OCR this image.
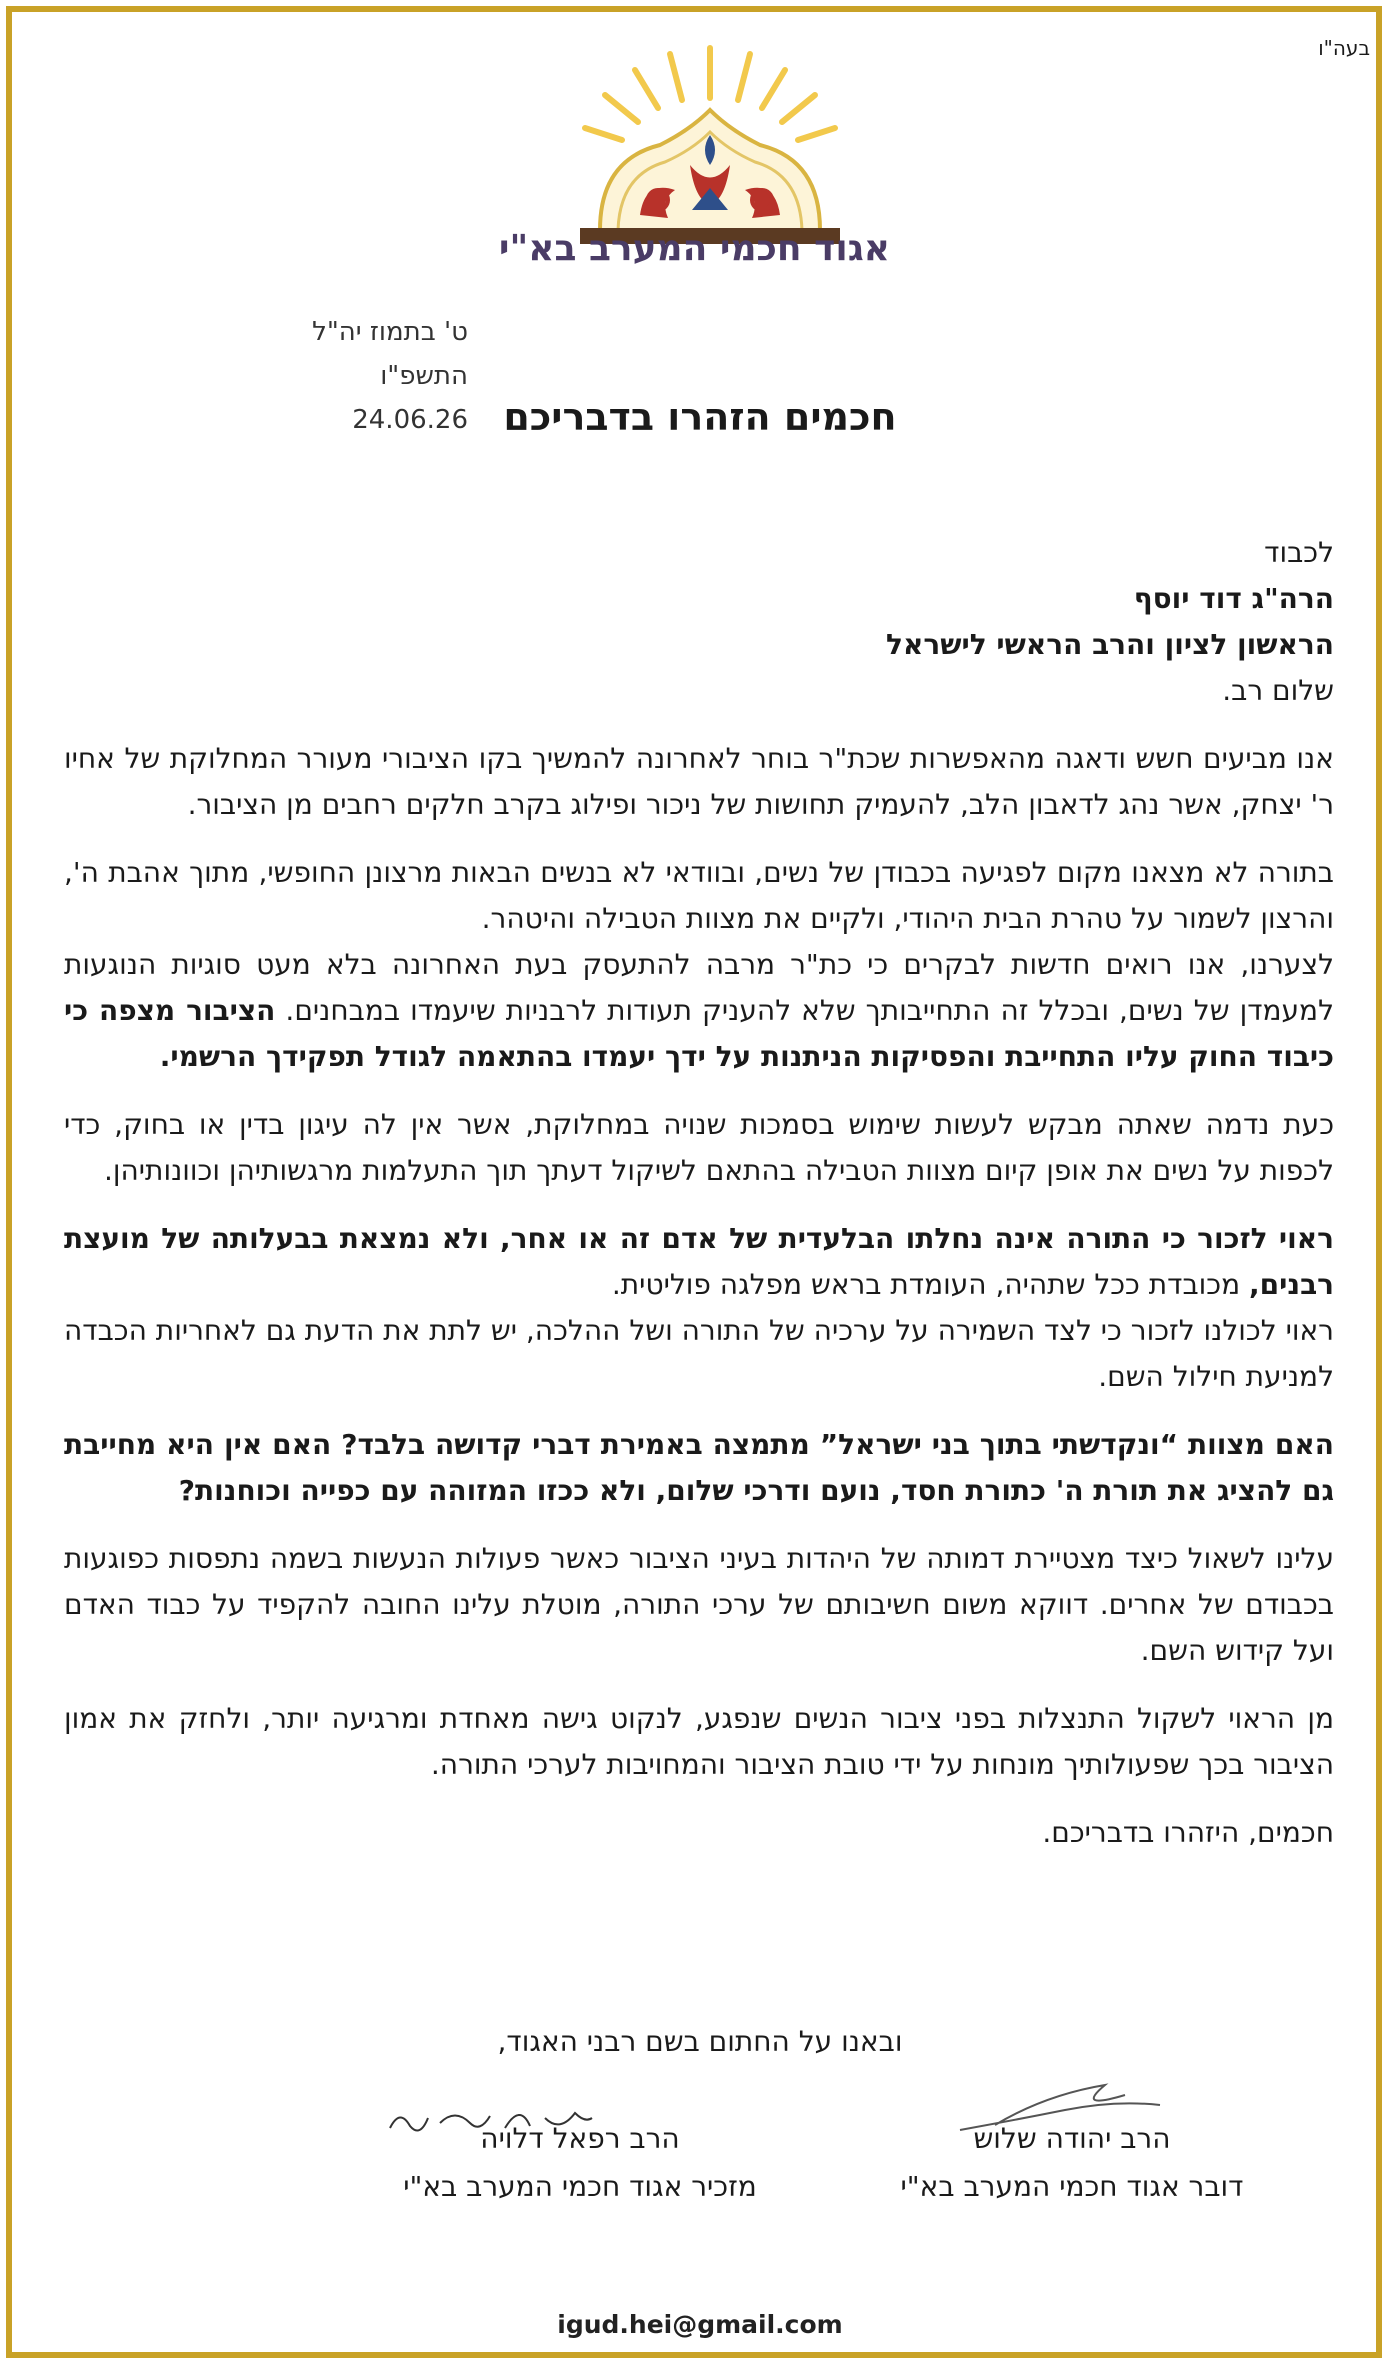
בעה"ו
אגוד חכמי המערב בא"י
ט' בתמוז יה"ל התשפ"ו
24.06.26 חכמים הזהרו בדבריכם

לכבוד
הרה"ג דוד יוסף
הראשון לציון והרב הראשי לישראל
שלום רב.

אנו מביעים חשש ודאגה מהאפשרות שכת"ר בוחר לאחרונה להמשיך בקו הציבורי מעורר המחלוקת של אחיו ר' יצחק, אשר נהג לדאבון הלב, להעמיק תחושות של ניכור ופילוג בקרב חלקים רחבים מן הציבור.

בתורה לא מצאנו מקום לפגיעה בכבודן של נשים, ובוודאי לא בנשים הבאות מרצונן החופשי, מתוך אהבת ה', והרצון לשמור על טהרת הבית היהודי, ולקיים את מצוות הטבילה והיטהר.
לצערנו, אנו רואים חדשות לבקרים כי כת"ר מרבה להתעסק בעת האחרונה בלא מעט סוגיות הנוגעות למעמדן של נשים, ובכלל זה התחייבותך שלא להעניק תעודות לרבניות שיעמדו במבחנים. הציבור מצפה כי כיבוד החוק עליו התחייבת והפסיקות הניתנות על ידך יעמדו בהתאמה לגודל תפקידך הרשמי.

כעת נדמה שאתה מבקש לעשות שימוש בסמכות שנויה במחלוקת, אשר אין לה עיגון בדין או בחוק, כדי לכפות על נשים את אופן קיום מצוות הטבילה בהתאם לשיקול דעתך תוך התעלמות מרגשותיהן וכוונותיהן.

ראוי לזכור כי התורה אינה נחלתו הבלעדית של אדם זה או אחר, ולא נמצאת בבעלותה של מועצת רבנים, מכובדת ככל שתהיה, העומדת בראש מפלגה פוליטית.
ראוי לכולנו לזכור כי לצד השמירה על ערכיה של התורה ושל ההלכה, יש לתת את הדעת גם לאחריות הכבדה למניעת חילול השם.

האם מצוות “ונקדשתי בתוך בני ישראל” מתמצה באמירת דברי קדושה בלבד? האם אין היא מחייבת גם להציג את תורת ה' כתורת חסד, נועם ודרכי שלום, ולא ככזו המזוהה עם כפייה וכוחנות?

עלינו לשאול כיצד מצטיירת דמותה של היהדות בעיני הציבור כאשר פעולות הנעשות בשמה נתפסות כפוגעות בכבודם של אחרים. דווקא משום חשיבותם של ערכי התורה, מוטלת עלינו החובה להקפיד על כבוד האדם ועל קידוש השם.

מן הראוי לשקול התנצלות בפני ציבור הנשים שנפגע, לנקוט גישה מאחדת ומרגיעה יותר, ולחזק את אמון הציבור בכך שפעולותיך מונחות על ידי טובת הציבור והמחויבות לערכי התורה.

חכמים, היזהרו בדבריכם.

ובאנו על החתום בשם רבני האגוד,
הרב יהודה שלוש
דובר אגוד חכמי המערב בא"י
הרב רפאל דלויה
מזכיר אגוד חכמי המערב בא"י
igud.hei@gmail.com
